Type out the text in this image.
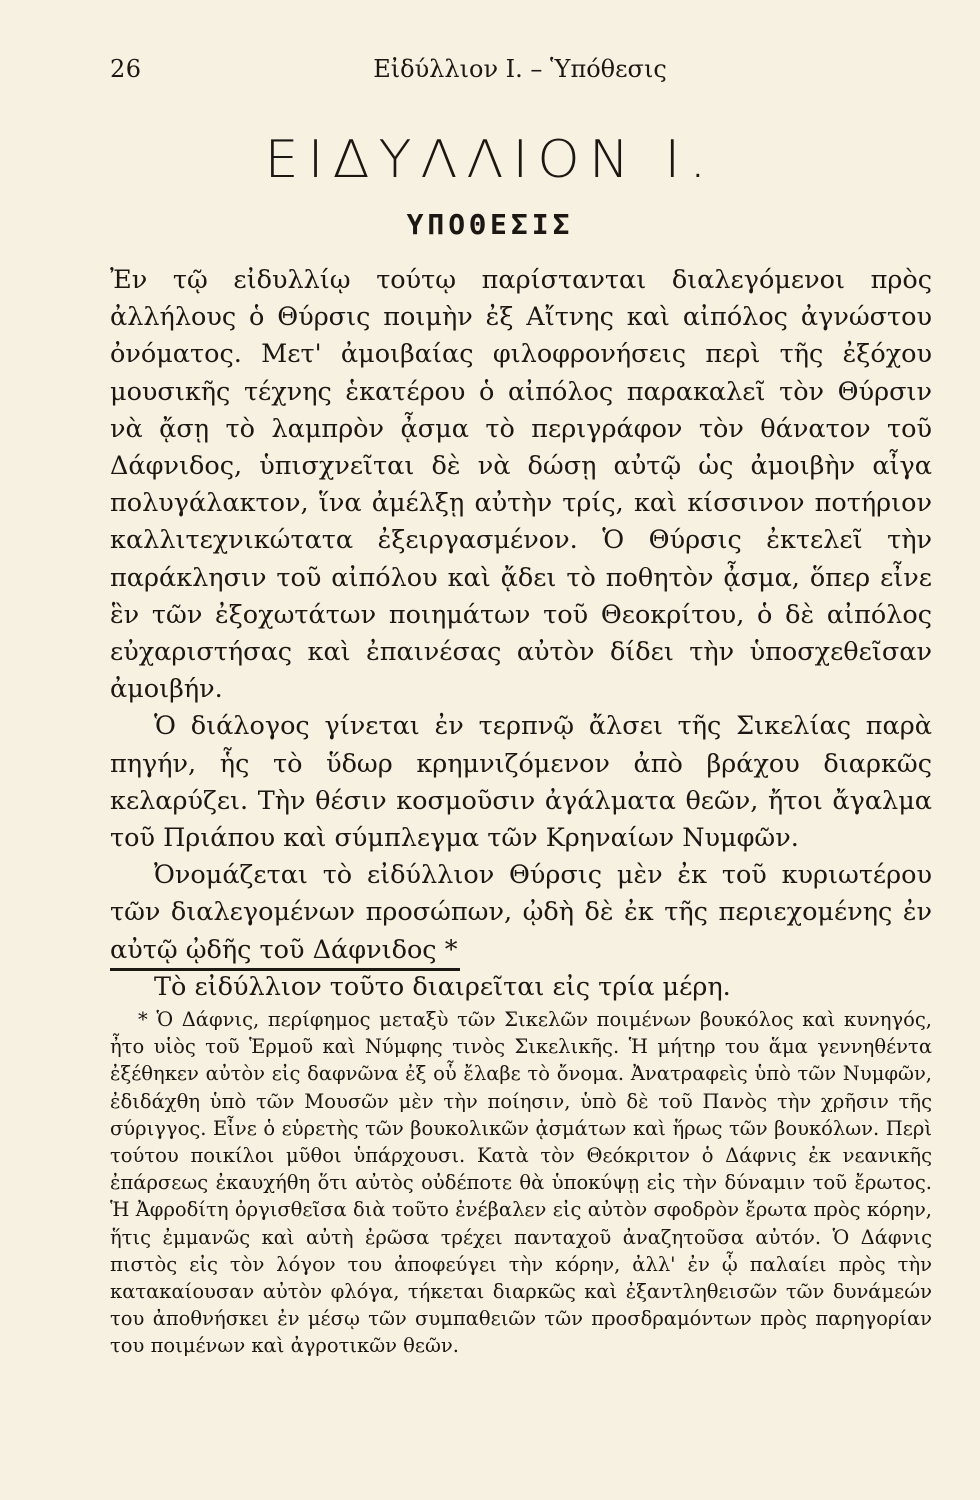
26	Εἰδύλλιον Ι. – Ὑπόθεσις
ΕΙΔΥΛΛΙΟΝ Ι.
ΥΠΟΘΕΣΙΣ

Ἐν τῷ εἰδυλλίῳ τούτῳ παρίστανται διαλεγόμενοι πρὸς ἀλλήλους ὁ Θύρσις ποιμὴν ἐξ Αἴτνης καὶ αἰπόλος ἀγνώστου ὀνόματος. Μετ' ἀμοιβαίας φιλοφρονήσεις περὶ τῆς ἐξόχου μουσικῆς τέχνης ἑκατέρου ὁ αἰπόλος παρακαλεῖ τὸν Θύρσιν νὰ ᾄσῃ τὸ λαμπρὸν ᾆσμα τὸ περιγράφον τὸν θάνατον τοῦ Δάφνιδος, ὑπισχνεῖται δὲ νὰ δώσῃ αὐτῷ ὡς ἀμοιβὴν αἶγα πολυγάλακτον, ἵνα ἀμέλξῃ αὐτὴν τρίς, καὶ κίσσινον ποτήριον καλλιτεχνικώτατα ἐξειργασμένον. Ὁ Θύρσις ἐκτελεῖ τὴν παράκλησιν τοῦ αἰπόλου καὶ ᾄδει τὸ ποθητὸν ᾆσμα, ὅπερ εἶνε ἓν τῶν ἐξοχωτάτων ποιημάτων τοῦ Θεοκρίτου, ὁ δὲ αἰπόλος εὐχαριστήσας καὶ ἐπαινέσας αὐτὸν δίδει τὴν ὑποσχεθεῖσαν ἀμοιβήν.

Ὁ διάλογος γίνεται ἐν τερπνῷ ἄλσει τῆς Σικελίας παρὰ πηγήν, ἧς τὸ ὕδωρ κρημνιζόμενον ἀπὸ βράχου διαρκῶς κελαρύζει. Τὴν θέσιν κοσμοῦσιν ἀγάλματα θεῶν, ἤτοι ἄγαλμα τοῦ Πριάπου καὶ σύμπλεγμα τῶν Κρηναίων Νυμφῶν.

Ὀνομάζεται τὸ εἰδύλλιον Θύρσις μὲν ἐκ τοῦ κυριωτέρου τῶν διαλεγομένων προσώπων, ᾠδὴ δὲ ἐκ τῆς περιεχομένης ἐν αὐτῷ ᾠδῆς τοῦ Δάφνιδος *

Τὸ εἰδύλλιον τοῦτο διαιρεῖται εἰς τρία μέρη.

* Ὁ Δάφνις, περίφημος μεταξὺ τῶν Σικελῶν ποιμένων βουκόλος καὶ κυνηγός, ἦτο υἱὸς τοῦ Ἑρμοῦ καὶ Νύμφης τινὸς Σικελικῆς. Ἡ μήτηρ του ἅμα γεννηθέντα ἐξέθηκεν αὐτὸν εἰς δαφνῶνα ἐξ οὗ ἔλαβε τὸ ὄνομα. Ἀνατραφεὶς ὑπὸ τῶν Νυμφῶν, ἐδιδάχθη ὑπὸ τῶν Μουσῶν μὲν τὴν ποίησιν, ὑπὸ δὲ τοῦ Πανὸς τὴν χρῆσιν τῆς σύριγγος. Εἶνε ὁ εὑρετὴς τῶν βουκολικῶν ᾀσμάτων καὶ ἥρως τῶν βουκόλων. Περὶ τούτου ποικίλοι μῦθοι ὑπάρχουσι. Κατὰ τὸν Θεόκριτον ὁ Δάφνις ἐκ νεανικῆς ἐπάρσεως ἐκαυχήθη ὅτι αὐτὸς οὐδέποτε θὰ ὑποκύψῃ εἰς τὴν δύναμιν τοῦ ἔρωτος. Ἡ Ἀφροδίτη ὀργισθεῖσα διὰ τοῦτο ἐνέβαλεν εἰς αὐτὸν σφοδρὸν ἔρωτα πρὸς κόρην, ἥτις ἐμμανῶς καὶ αὐτὴ ἐρῶσα τρέχει πανταχοῦ ἀναζητοῦσα αὐτόν. Ὁ Δάφνις πιστὸς εἰς τὸν λόγον του ἀποφεύγει τὴν κόρην, ἀλλ' ἐν ᾧ παλαίει πρὸς τὴν κατακαίουσαν αὐτὸν φλόγα, τήκεται διαρκῶς καὶ ἐξαντληθεισῶν τῶν δυνάμεών του ἀποθνήσκει ἐν μέσῳ τῶν συμπαθειῶν τῶν προσδραμόντων πρὸς παρηγορίαν του ποιμένων καὶ ἀγροτικῶν θεῶν.
